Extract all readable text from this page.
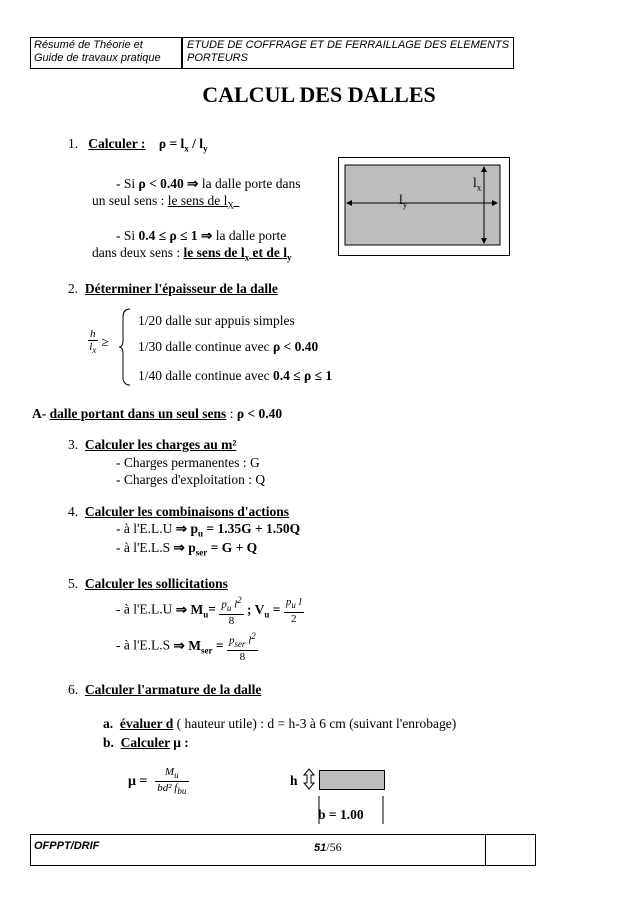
Résumé de Théorie et
Guide de travaux pratique
ETUDE DE COFFRAGE ET DE FERRAILLAGE DES ELEMENTS
PORTEURS
CALCUL DES DALLES
1. Calculer : $\rho = l_x / l_y$
- Si ρ < 0.40 ⇒ la dalle porte dans
un seul sens : le sens de $l_X$
- Si 0.4 ≤ ρ ≤ 1 ⇒ la dalle porte
dans deux sens : le sens de $l_x$ et de $l_y$
$l_x$
$l_y$
2. Déterminer l'épaisseur de la dalle
$\frac{h}{l_x}$ ≥
1/20 dalle sur appuis simples
1/30 dalle continue avec ρ < 0.40
1/40 dalle continue avec 0.4 ≤ ρ ≤ 1
A- dalle portant dans un seul sens : ρ < 0.40
3. Calculer les charges au m²
- Charges permanentes : G
- Charges d'exploitation : Q
4. Calculer les combinaisons d'actions
- à l'E.L.U ⇒ $p_u = 1.35G + 1.50Q$
- à l'E.L.S ⇒ $p_{ser} = G + Q$
5. Calculer les sollicitations
- à l'E.L.U ⇒ $M_u= \frac{p_u l^2}{8}$ ; $V_u = \frac{p_u l}{2}$
- à l'E.L.S ⇒ $M_{ser} = \frac{p_{ser} l^2}{8}$
6. Calculer l'armature de la dalle
a. évaluer d ( hauteur utile) : d = h-3 à 6 cm (suivant l'enrobage)
b. Calculer μ :
$\mu = \frac{M_u}{bd^2 f_{bu}}$	h
b = 1.00
OFPPT/DRIF	51/56
